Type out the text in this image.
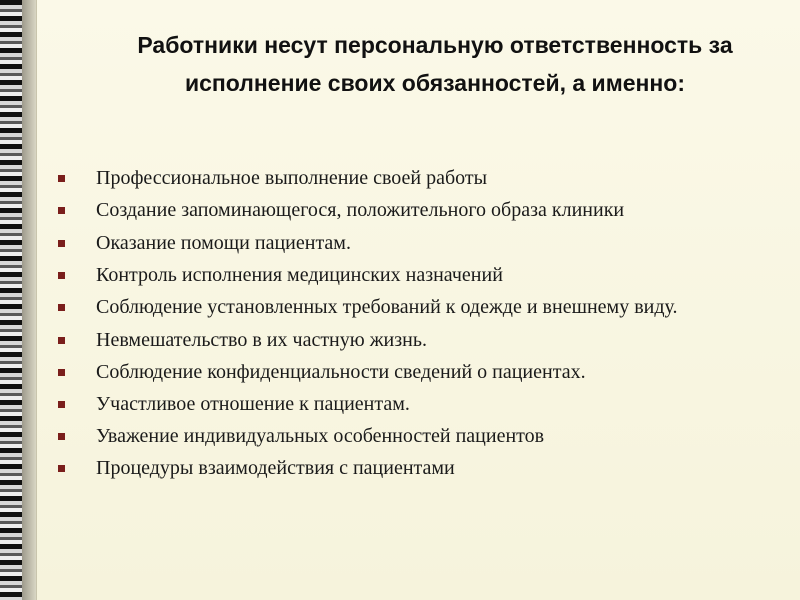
Работники несут персональную ответственность за исполнение своих обязанностей, а именно:
Профессиональное выполнение своей работы
Создание запоминающегося, положительного образа клиники
Оказание помощи пациентам.
Контроль исполнения медицинских назначений
Соблюдение установленных требований к одежде и внешнему виду.
Невмешательство в их частную жизнь.
Соблюдение конфиденциальности сведений о пациентах.
Участливое отношение к пациентам.
Уважение индивидуальных особенностей пациентов
Процедуры взаимодействия с пациентами
